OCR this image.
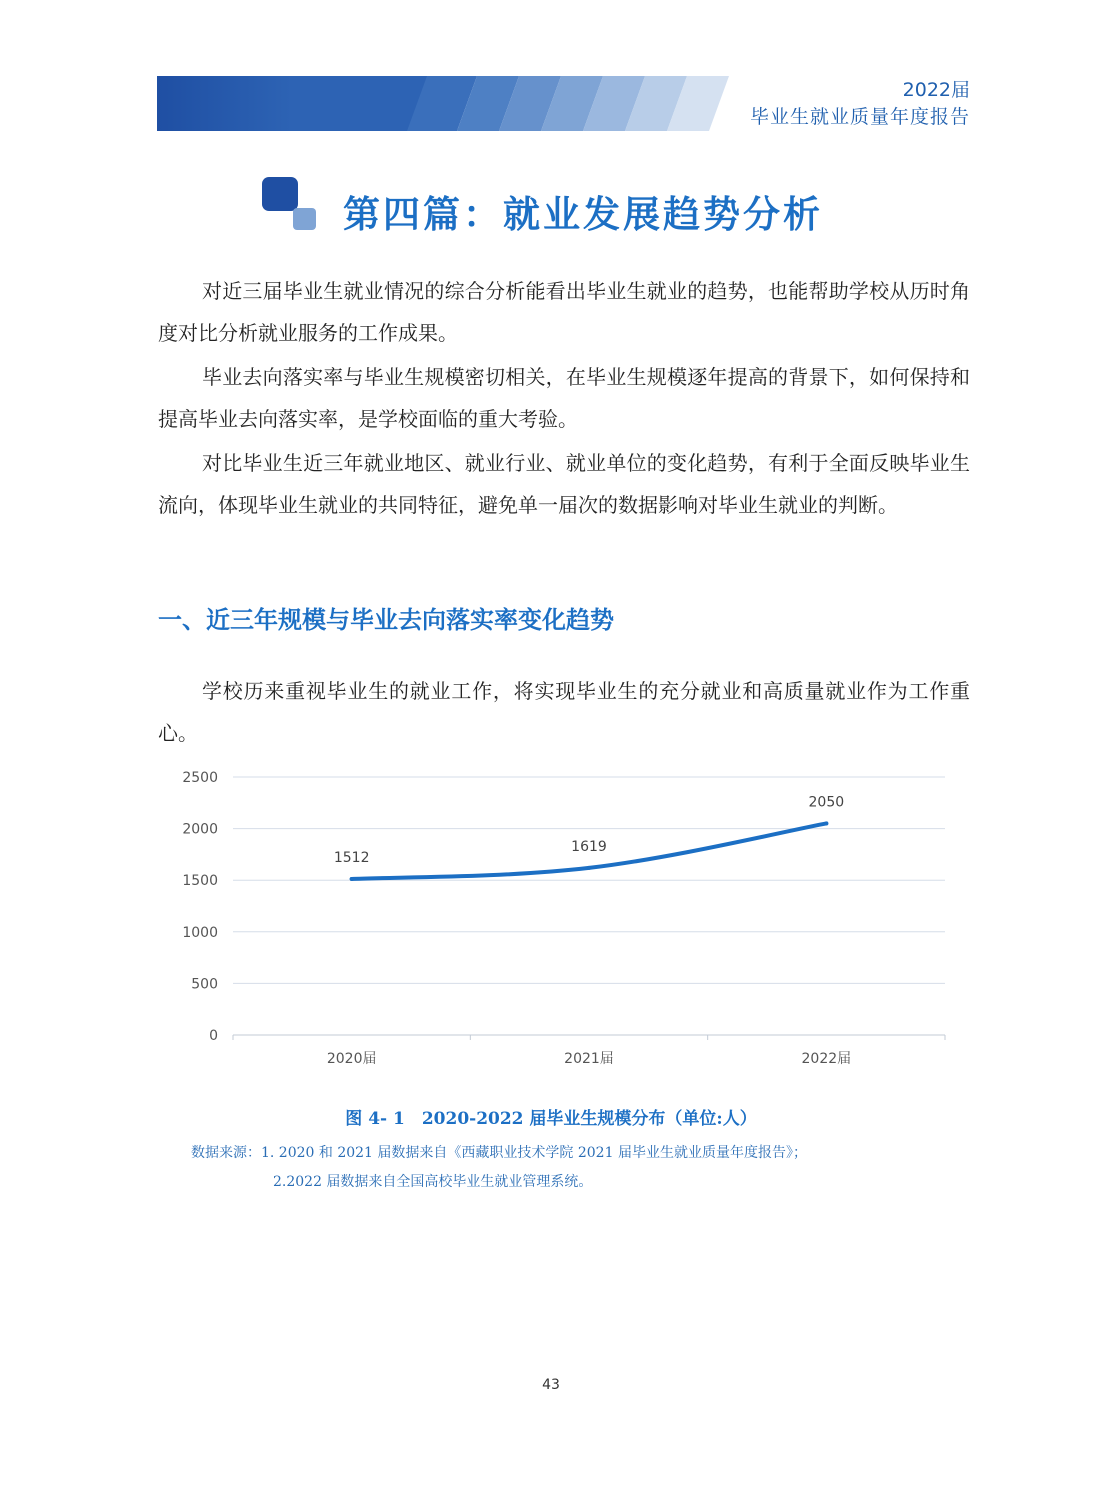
2022届
毕业生就业质量年度报告
第四篇：就业发展趋势分析
对近三届毕业生就业情况的综合分析能看出毕业生就业的趋势，也能帮助学校从历时角度对比分析就业服务的工作成果。
毕业去向落实率与毕业生规模密切相关，在毕业生规模逐年提高的背景下，如何保持和提高毕业去向落实率，是学校面临的重大考验。
对比毕业生近三年就业地区、就业行业、就业单位的变化趋势，有利于全面反映毕业生流向，体现毕业生就业的共同特征，避免单一届次的数据影响对毕业生就业的判断。
一、近三年规模与毕业去向落实率变化趋势
学校历来重视毕业生的就业工作，将实现毕业生的充分就业和高质量就业作为工作重心。
0
500
1000
1500
2000
2500
2020届	2021届	2022届
1512
1619
2050
图 4- 1　2020-2022 届毕业生规模分布（单位:人）
数据来源：1. 2020 和 2021 届数据来自《西藏职业技术学院 2021 届毕业生就业质量年度报告》；
2.2022 届数据来自全国高校毕业生就业管理系统。
43
